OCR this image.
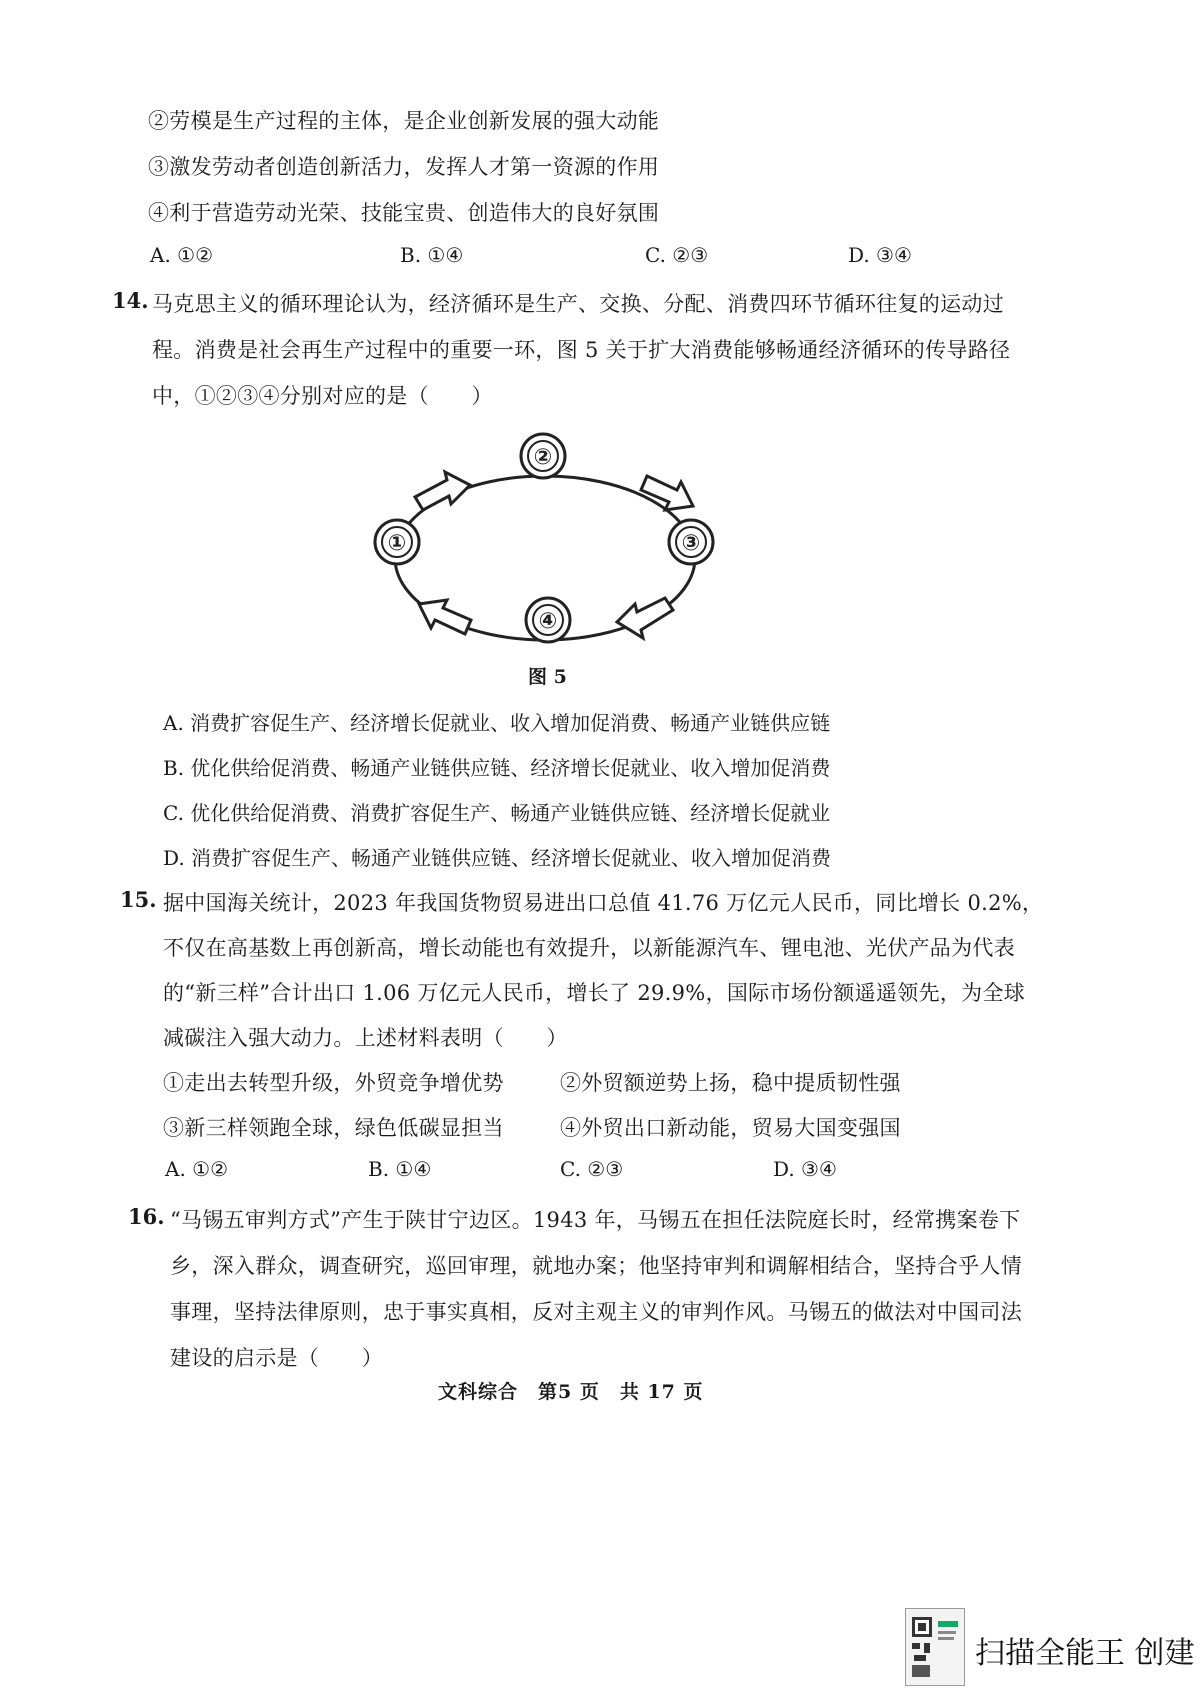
②劳模是生产过程的主体，是企业创新发展的强大动能
③激发劳动者创造创新活力，发挥人才第一资源的作用
④利于营造劳动光荣、技能宝贵、创造伟大的良好氛围
A. ①②	B. ①④	C. ②③	D. ③④
14. 马克思主义的循环理论认为，经济循环是生产、交换、分配、消费四环节循环往复的运动过
程。消费是社会再生产过程中的重要一环，图 5 关于扩大消费能够畅通经济循环的传导路径
中，①②③④分别对应的是（　　）
①
②
③
④
图 5
A. 消费扩容促生产、经济增长促就业、收入增加促消费、畅通产业链供应链
B. 优化供给促消费、畅通产业链供应链、经济增长促就业、收入增加促消费
C. 优化供给促消费、消费扩容促生产、畅通产业链供应链、经济增长促就业
D. 消费扩容促生产、畅通产业链供应链、经济增长促就业、收入增加促消费
15. 据中国海关统计，2023 年我国货物贸易进出口总值 41.76 万亿元人民币，同比增长 0.2%，
不仅在高基数上再创新高，增长动能也有效提升，以新能源汽车、锂电池、光伏产品为代表
的“新三样”合计出口 1.06 万亿元人民币，增长了 29.9%，国际市场份额遥遥领先，为全球
减碳注入强大动力。上述材料表明（　　）
①走出去转型升级，外贸竞争增优势	②外贸额逆势上扬，稳中提质韧性强
③新三样领跑全球，绿色低碳显担当	④外贸出口新动能，贸易大国变强国
A. ①②	B. ①④	C. ②③	D. ③④
16. “马锡五审判方式”产生于陕甘宁边区。1943 年，马锡五在担任法院庭长时，经常携案卷下
乡，深入群众，调查研究，巡回审理，就地办案；他坚持审判和调解相结合，坚持合乎人情
事理，坚持法律原则，忠于事实真相，反对主观主义的审判作风。马锡五的做法对中国司法
建设的启示是（　　）
文科综合　第5 页　共 17 页
扫描全能王 创建
